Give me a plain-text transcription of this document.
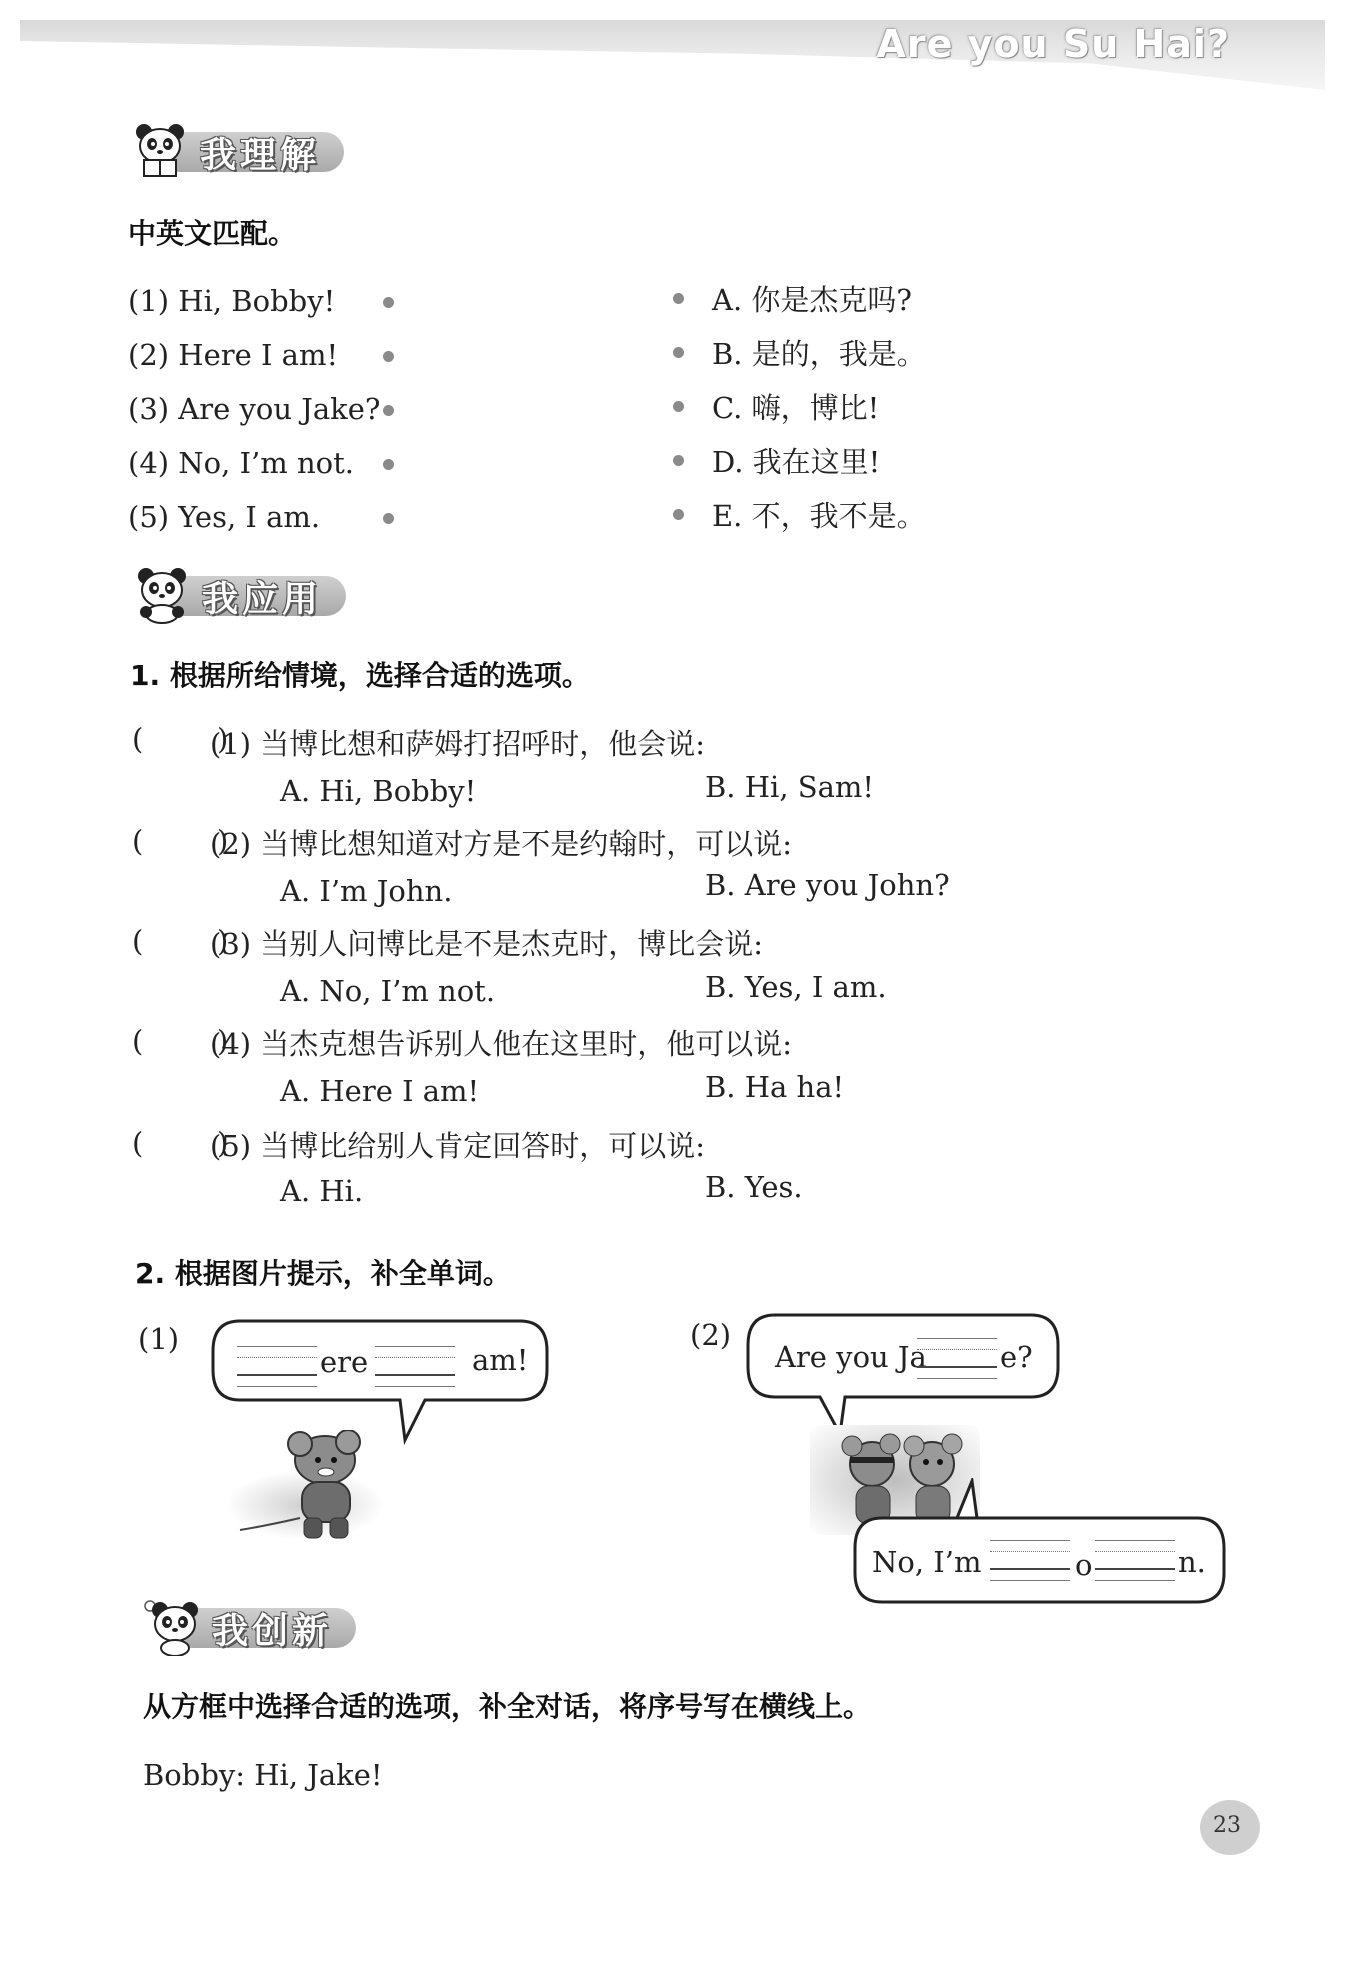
Are you Su Hai?
我理解
中英文匹配。
(1) Hi, Bobby!
(2) Here I am!
(3) Are you Jake?
(4) No, I’m not.
(5) Yes, I am.
A. 你是杰克吗?
B. 是的，我是。
C. 嗨，博比!
D. 我在这里!
E. 不，我不是。
我应用
1. 根据所给情境，选择合适的选项。
(        )
(1) 当博比想和萨姆打招呼时，他会说:
A. Hi, Bobby!	B. Hi, Sam!
(        )
(2) 当博比想知道对方是不是约翰时，可以说:
A. I’m John.	B. Are you John?
(        )
(3) 当别人问博比是不是杰克时，博比会说:
A. No, I’m not.	B. Yes, I am.
(        )
(4) 当杰克想告诉别人他在这里时，他可以说:
A. Here I am!	B. Ha ha!
(        )
(5) 当博比给别人肯定回答时，可以说:
A. Hi.	B. Yes.
2. 根据图片提示，补全单词。
(1)
ere	am!
(2)
Are you Ja	e?
No, I’m	o	n.
我创新
从方框中选择合适的选项，补全对话，将序号写在横线上。
Bobby: Hi, Jake!
23
